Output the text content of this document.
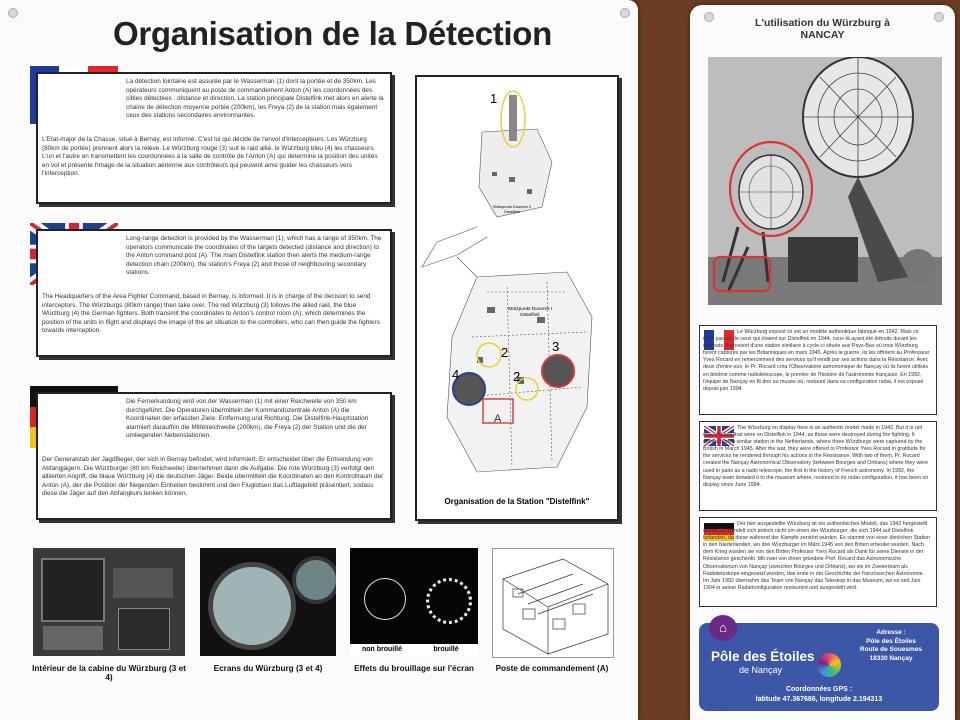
Organisation de la Détection
La détection lointaine est assurée par le Wasserman (1) dont la portée et de 350km. Les opérateurs communiquent au poste de commandement Anton (A) les coordonnées des cibles détectées : distance et direction. La station principale Distelfink met alors en alerte la chaine de détection moyenne portée (200km), les Freya (2) de la station mais également ceux des stations secondaires environnantes.
L'Etat-major de la Chasse, situé à Bernay, est informé. C'est lui qui décide de l'envoi d'intercepteurs. Les Würzburg (80km de portée) prennent alors la relève. Le Würzburg rouge (3) suit le raid allié, le Würzburg bleu (4) les chasseurs. L'un et l'autre en transmettent les coordonnées à la salle de contrôle de l'Anton (A) qui détermine la position des unités en vol et présente l'image de la situation aérienne aux contrôleurs qui peuvent ainsi guider les chasseurs vers l'interception.
Long-range detection is provided by the Wasserman (1), which has a range of 350km. The operators communicate the coordinates of the targets detected (distance and direction) to the Anton command post (A). The main Distelfink station then alerts the medium-range detection chain (200km), the station's Freya (2) and those of neighbouring secondary stations.
The Headquarters of the Area Fighter Command, based in Bernay, is informed. It is in charge of the decision to send interceptors. The Würzburgs (80km range) then take over. The red Würzburg (3) follows the allied raid, the blue Würzburg (4) the German fighters. Both transmit the coordinates to Anton's control room (A), which determines the position of the units in flight and displays the image of the air situation to the controllers, who can then guide the fighters towards interception.
Die Fernerkundung wird von der Wasserman (1) mit einer Reichweite von 350 km durchgeführt. Die Operatoren übermitteln der Kommandozentrale Anton (A) die Koordinaten der erfassten Ziele: Entfernung und Richtung. Die Distelfink-Hauptstation alarmiert daraufhin die Mittelreichweite (200km), die Freya (2) der Station und die der umliegenden Nebenstationen.
Der Generalstab der Jagdflieger, der sich in Bernay befindet, wird informiert. Er entscheidet über die Entsendung von Abfangjägern. Die Würzburger (80 km Reichweite) übernehmen dann die Aufgabe. Die rote Würzburg (3) verfolgt den alliierten Angriff, die blaue Würzburg (4) die deutschen Jäger. Beide übermitteln die Koordinaten an den Kontrollraum der Anton (A), der die Position der fliegenden Einheiten bestimmt und den Fluglotsen das Luftlagebild präsentiert, sodass diese die Jäger auf den Abfangkurs lenken können.
Stützpunkt Douvres 2 Distelfink
Stützpunkt Douvres I Distelfink
1
2
2
3
4
A
Organisation de la Station "Distelfink"
Intérieur de la cabine du Würzburg (3 et 4)
Ecrans du Würzburg (3 et 4)
non brouillé	brouillé
Effets du brouillage sur l'écran	Poste de commandement (A)
L'utilisation du Würzburg à
NANCAY
Le Würzburg exposé ici est un modèle authentique fabriqué en 1942. Mais ce n'est pas un de ceux qui étaient sur Distelfink en 1944, ceux-là ayant été détruits durant les combats. Il provient d'une station similaire à cycle-ci située aux Pays-Bas où trois Würzburg furent capturés par les Britanniques en mars 1945. Après la guerre, ils les offrirent au Professeur Yves Rocard en remerciement des services qu'il rendit par ses actions dans la Résistance. Avec deux d'entre eux, le Pr. Rocard créa l'Observatoire astronomique de Nançay où ils furent utilisés en binôme comme radiotelescope, le premier de l'histoire de l'astronomie française. En 1992, l'équipe de Nançay en fit don au musée où, restauré dans sa configuration radar, il est exposé depuis juin 1994.
The Würzburg on display here is an authentic model made in 1942. But it is not one of those that were on Distelfink in 1944, as those were destroyed during the fighting. It comes from a similar station in the Netherlands, where three Würzburgs were captured by the British in March 1945. After the war, they were offered to Professor Yves Rocard in gratitude for the services he rendered through his actions in the Resistance. With two of them, Pr. Rocard created the Nançay Astronomical Observatory (between Bourges and Orléans) where they were used in pairs as a radio telescope, the first in the history of French astronomy. In 1992, the Nançay team donated it to the museum where, restored to its radar configuration, it has been on display since June 1994.
Der hier ausgestellte Würzburg ist ein authentisches Modell, das 1942 hergestellt wurde. Es handelt sich jedoch nicht um einen der Würzburger, die sich 1944 auf Distelfink befanden, da diese während der Kämpfe zerstört wurden. Es stammt von einer ähnlichen Station in den Niederlanden, wo drei Würzburger im März 1945 von den Briten erbeutet wurden. Nach dem Krieg wurden sie von den Briten Professor Yves Rocard als Dank für seine Dienste in der Résistance geschenkt. Mit zwei von ihnen gründete Prof. Rocard das Astronomische Observatorium von Nançay (zwischen Bourges und Orléans), wo sie im Zweierteam als Radioteleskope eingesetzt wurden, das erste in der Geschichte der französischen Astronomie. Im Jahr 1992 übernahm das Team von Nançay das Teleskop in das Museum, wo es seit Juni 1994 in seiner Radarkonfiguration restauriert und ausgestellt wird.
⌂
Pôle des Étoiles
de Nançay
Adresse :
Pôle des Étoiles
Route de Souesmes
18330 Nançay
Coordonnées GPS :
latitude 47.367686, longitude 2.194313
